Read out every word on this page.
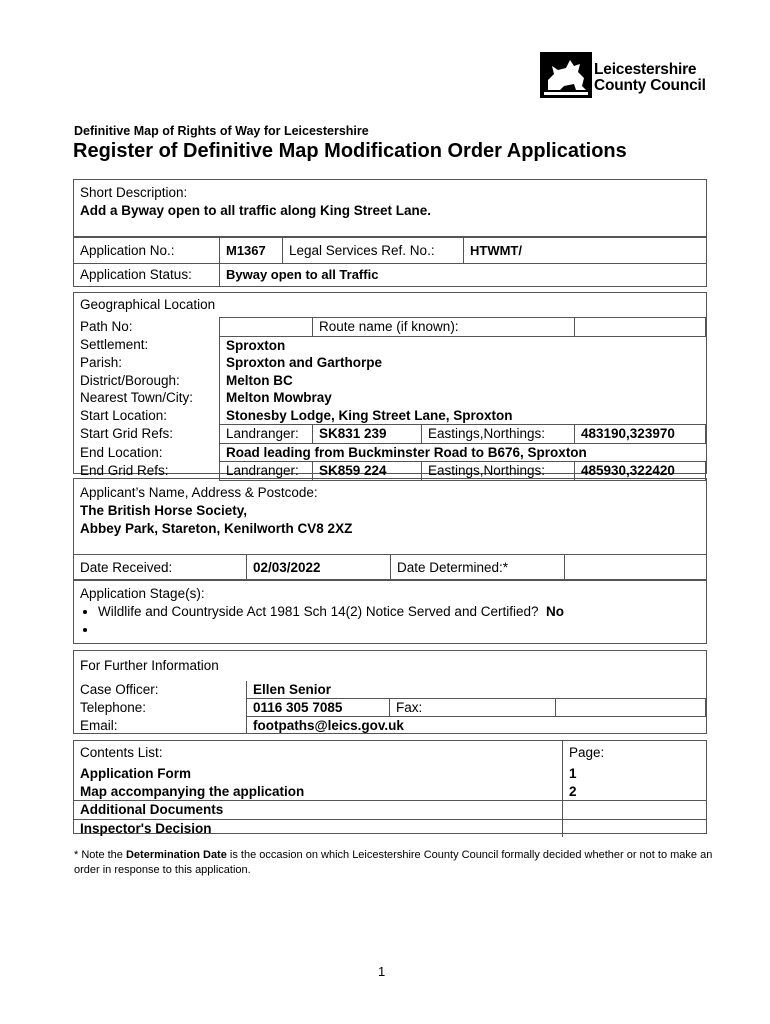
Leicestershire
County Council
Definitive Map of Rights of Way for Leicestershire
Register of Definitive Map Modification Order Applications
Short Description:
Add a Byway open to all traffic along King Street Lane.
Application No.:	M1367	Legal Services Ref. No.:	HTWMT/
Application Status:	Byway open to all Traffic		
Geographical Location
Path No:		Route name (if known):		
Settlement:	Sproxton			
Parish:	Sproxton and Garthorpe			
District/Borough:	Melton BC			
Nearest Town/City:	Melton Mowbray			
Start Location:	Stonesby Lodge, King Street Lane, Sproxton			
Start Grid Refs:	Landranger:	SK831 239	Eastings,Northings:	483190,323970
End Location:	Road leading from Buckminster Road to B676, Sproxton			
End Grid Refs:	Landranger:	SK859 224	Eastings,Northings:	485930,322420
Applicant’s Name, Address & Postcode:
The British Horse Society,
Abbey Park, Stareton, Kenilworth CV8 2XZ
Date Received:	02/03/2022	Date Determined:*	
Application Stage(s):
• Wildlife and Countryside Act 1981 Sch 14(2) Notice Served and Certified? No
•
For Further Information
Case Officer:	Ellen Senior		
Telephone:	0116 305 7085	Fax:	
Email:	footpaths@leics.gov.uk		
Contents List:	Page:
Application Form	1
Map accompanying the application	2
Additional Documents	
Inspector's Decision	
* Note the Determination Date is the occasion on which Leicestershire County Council formally decided whether or not to make an order in response to this application.
1
